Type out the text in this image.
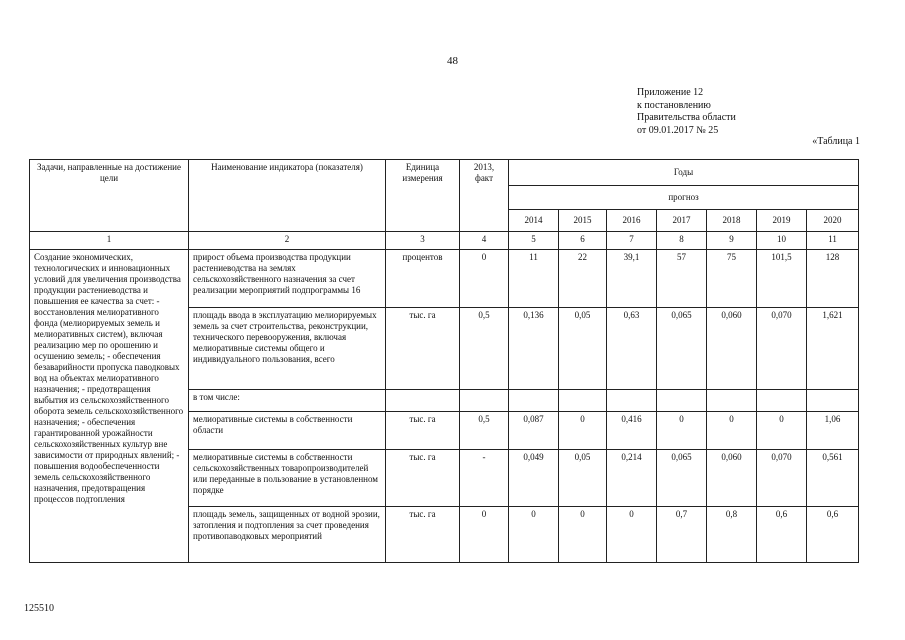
48
Приложение 12
к постановлению
Правительства области
от 09.01.2017 № 25
«Таблица 1
Задачи, направленные на достижение цели	Наименование индикатора (показателя)	Единица измерения	2013, факт	Годы						
				прогноз						
				2014	2015	2016	2017	2018	2019	2020
1	2	3	4	5	6	7	8	9	10	11
Создание экономических, технологических и инновационных условий для увеличения производства продукции растениеводства и повышения ее качества за счет: - восстановления мелиоративного фонда (мелиорируемых земель и мелиоративных систем), включая реализацию мер по орошению и осушению земель; - обеспечения безаварийности пропуска паводковых вод на объектах мелиоративного назначения; - предотвращения выбытия из сельскохозяйственного оборота земель сельскохозяйственного назначения; - обеспечения гарантированной урожайности сельскохозяйственных культур вне зависимости от природных явлений; - повышения водообеспеченности земель сельскохозяйственного назначения, предотвращения процессов подтопления	прирост объема производства продукции растениеводства на землях сельскохозяйственного назначения за счет реализации мероприятий подпрограммы 16	процентов	0	11	22	39,1	57	75	101,5	128
	площадь ввода в эксплуатацию мелиорируемых земель за счет строительства, реконструкции, технического перевооружения, включая мелиоративные системы общего и индивидуального пользования, всего	тыс. га	0,5	0,136	0,05	0,63	0,065	0,060	0,070	1,621
	в том числе:									
	мелиоративные системы в собственности области	тыс. га	0,5	0,087	0	0,416	0	0	0	1,06
	мелиоративные системы в собственности сельскохозяйственных товаропроизводителей или переданные в пользование в установленном порядке	тыс. га	-	0,049	0,05	0,214	0,065	0,060	0,070	0,561
	площадь земель, защищенных от водной эрозии, затопления и подтопления за счет проведения противопаводковых мероприятий	тыс. га	0	0	0	0	0,7	0,8	0,6	0,6
125510
